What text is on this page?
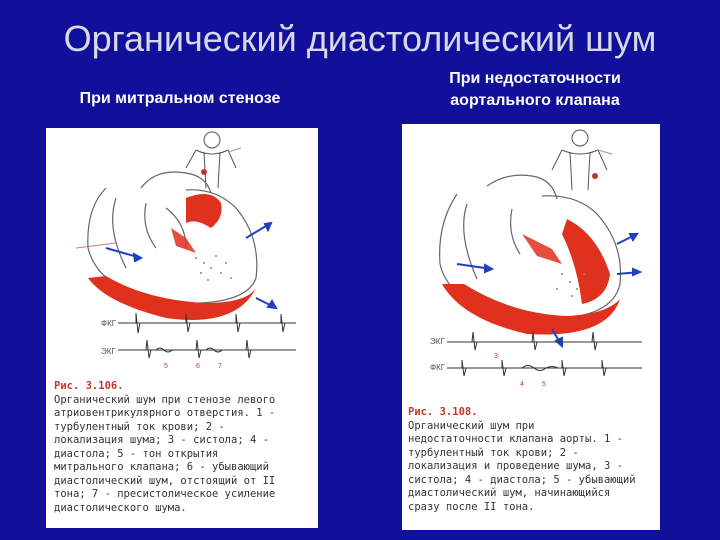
Органический диастолический шум
При митральном стенозе
При недостаточности аортального клапана
ФКГ
ЭКГ
5	6	7
Рис. 3.106.
Органический шум при стенозе левого
атриовентрикулярного отверстия. 1 -
турбулентный ток крови; 2 -
локализация шума; 3 - систола; 4 -
диастола; 5 - тон открытия
митрального клапана; 6 - убывающий
диастолический шум, отстоящий от II
тона; 7 - пресистолическое усиление
диастолического шума.
ЭКГ
ФКГ
3
4	5
Рис. 3.108.
Органический шум при
недостаточности клапана аорты. 1 -
турбулентный ток крови; 2 -
локализация и проведение шума, 3 -
систола; 4 - диастола; 5 - убывающий
диастолический шум, начинающийся
сразу после II тона.
